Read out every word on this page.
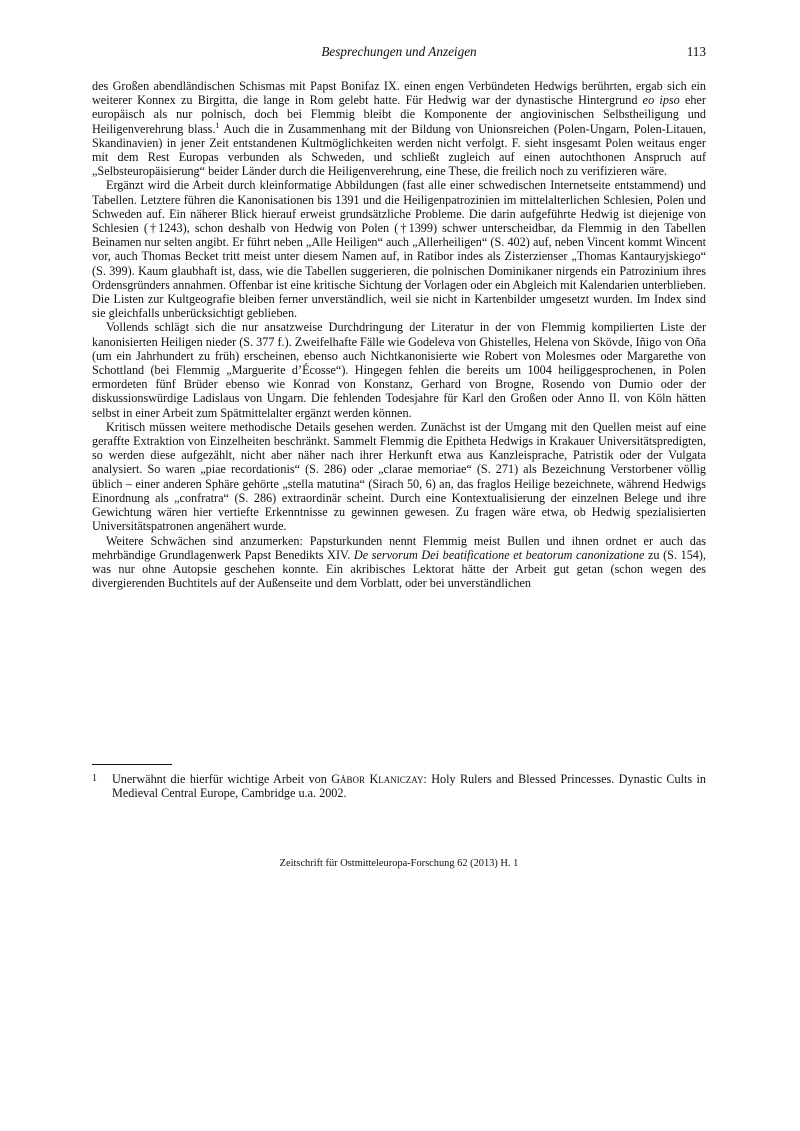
Besprechungen und Anzeigen	113

des Großen abendländischen Schismas mit Papst Bonifaz IX. einen engen Verbündeten Hedwigs berührten, ergab sich ein weiterer Konnex zu Birgitta, die lange in Rom gelebt hatte. Für Hedwig war der dynastische Hintergrund eo ipso eher europäisch als nur polnisch, doch bei Flemmig bleibt die Komponente der angiovinischen Selbstheiligung und Heiligenverehrung blass.$^1$ Auch die in Zusammenhang mit der Bildung von Unionsreichen (Polen-Ungarn, Polen-Litauen, Skandinavien) in jener Zeit entstandenen Kultmöglichkeiten werden nicht verfolgt. F. sieht insgesamt Polen weitaus enger mit dem Rest Europas verbunden als Schweden, und schließt zugleich auf einen autochthonen Anspruch auf „Selbsteuropäisierung“ beider Länder durch die Heiligenverehrung, eine These, die freilich noch zu verifizieren wäre.

Ergänzt wird die Arbeit durch kleinformatige Abbildungen (fast alle einer schwedischen Internetseite entstammend) und Tabellen. Letztere führen die Kanonisationen bis 1391 und die Heiligenpatrozinien im mittelalterlichen Schlesien, Polen und Schweden auf. Ein näherer Blick hierauf erweist grundsätzliche Probleme. Die darin aufgeführte Hedwig ist diejenige von Schlesien (†1243), schon deshalb von Hedwig von Polen (†1399) schwer unterscheidbar, da Flemmig in den Tabellen Beinamen nur selten angibt. Er führt neben „Alle Heiligen“ auch „Allerheiligen“ (S. 402) auf, neben Vincent kommt Wincent vor, auch Thomas Becket tritt meist unter diesem Namen auf, in Ratibor indes als Zisterzienser „Thomas Kantauryjskiego“ (S. 399). Kaum glaubhaft ist, dass, wie die Tabellen suggerieren, die polnischen Dominikaner nirgends ein Patrozinium ihres Ordensgründers annahmen. Offenbar ist eine kritische Sichtung der Vorlagen oder ein Abgleich mit Kalendarien unterblieben. Die Listen zur Kultgeografie bleiben ferner unverständlich, weil sie nicht in Kartenbilder umgesetzt wurden. Im Index sind sie gleichfalls unberücksichtigt geblieben.

Vollends schlägt sich die nur ansatzweise Durchdringung der Literatur in der von Flemmig kompilierten Liste der kanonisierten Heiligen nieder (S. 377 f.). Zweifelhafte Fälle wie Godeleva von Ghistelles, Helena von Skövde, Iñigo von Oña (um ein Jahrhundert zu früh) erscheinen, ebenso auch Nichtkanonisierte wie Robert von Molesmes oder Margarethe von Schottland (bei Flemmig „Marguerite d’Écosse“). Hingegen fehlen die bereits um 1004 heiliggesprochenen, in Polen ermordeten fünf Brüder ebenso wie Konrad von Konstanz, Gerhard von Brogne, Rosendo von Dumio oder der diskussionswürdige Ladislaus von Ungarn. Die fehlenden Todesjahre für Karl den Großen oder Anno II. von Köln hätten selbst in einer Arbeit zum Spätmittelalter ergänzt werden können.

Kritisch müssen weitere methodische Details gesehen werden. Zunächst ist der Umgang mit den Quellen meist auf eine geraffte Extraktion von Einzelheiten beschränkt. Sammelt Flemmig die Epitheta Hedwigs in Krakauer Universitätspredigten, so werden diese aufgezählt, nicht aber näher nach ihrer Herkunft etwa aus Kanzleisprache, Patristik oder der Vulgata analysiert. So waren „piae recordationis“ (S. 286) oder „clarae memoriae“ (S. 271) als Bezeichnung Verstorbener völlig üblich – einer anderen Sphäre gehörte „stella matutina“ (Sirach 50, 6) an, das fraglos Heilige bezeichnete, während Hedwigs Einordnung als „confratra“ (S. 286) extraordinär scheint. Durch eine Kontextualisierung der einzelnen Belege und ihre Gewichtung wären hier vertiefte Erkenntnisse zu gewinnen gewesen. Zu fragen wäre etwa, ob Hedwig spezialisierten Universitätspatronen angenähert wurde.

Weitere Schwächen sind anzumerken: Papsturkunden nennt Flemmig meist Bullen und ihnen ordnet er auch das mehrbändige Grundlagenwerk Papst Benedikts XIV. De servorum Dei beatificatione et beatorum canonizatione zu (S. 154), was nur ohne Autopsie geschehen konnte. Ein akribisches Lektorat hätte der Arbeit gut getan (schon wegen des divergierenden Buchtitels auf der Außenseite und dem Vorblatt, oder bei unverständlichen

1	Unerwähnt die hierfür wichtige Arbeit von Gábor Klaniczay: Holy Rulers and Blessed Princesses. Dynastic Cults in Medieval Central Europe, Cambridge u.a. 2002.
Zeitschrift für Ostmitteleuropa-Forschung 62 (2013) H. 1
